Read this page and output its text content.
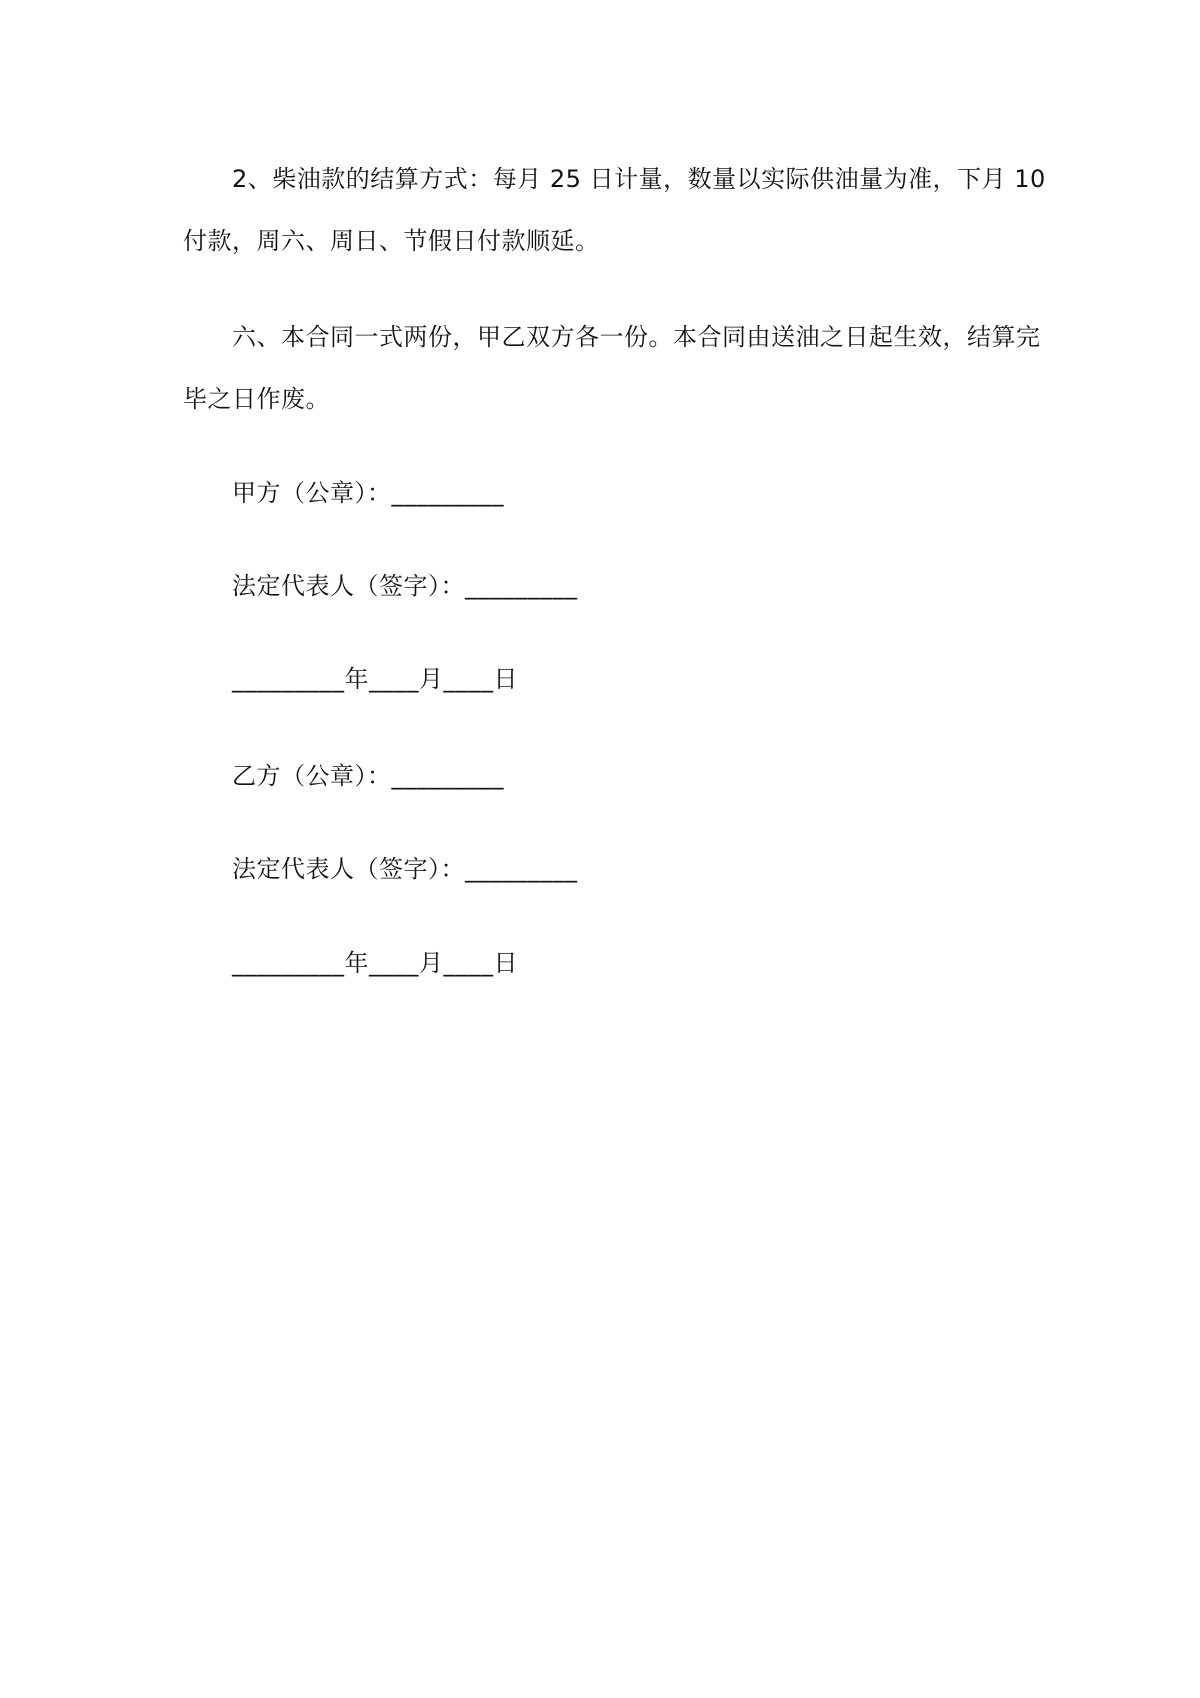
2、柴油款的结算方式：每月 25 日计量，数量以实际供油量为准，下月 10
付款，周六、周日、节假日付款顺延。
六、本合同一式两份，甲乙双方各一份。本合同由送油之日起生效，结算完
毕之日作废。
甲方（公章）：_________
法定代表人（签字）：_________
_________年____月____日
乙方（公章）：_________
法定代表人（签字）：_________
_________年____月____日
